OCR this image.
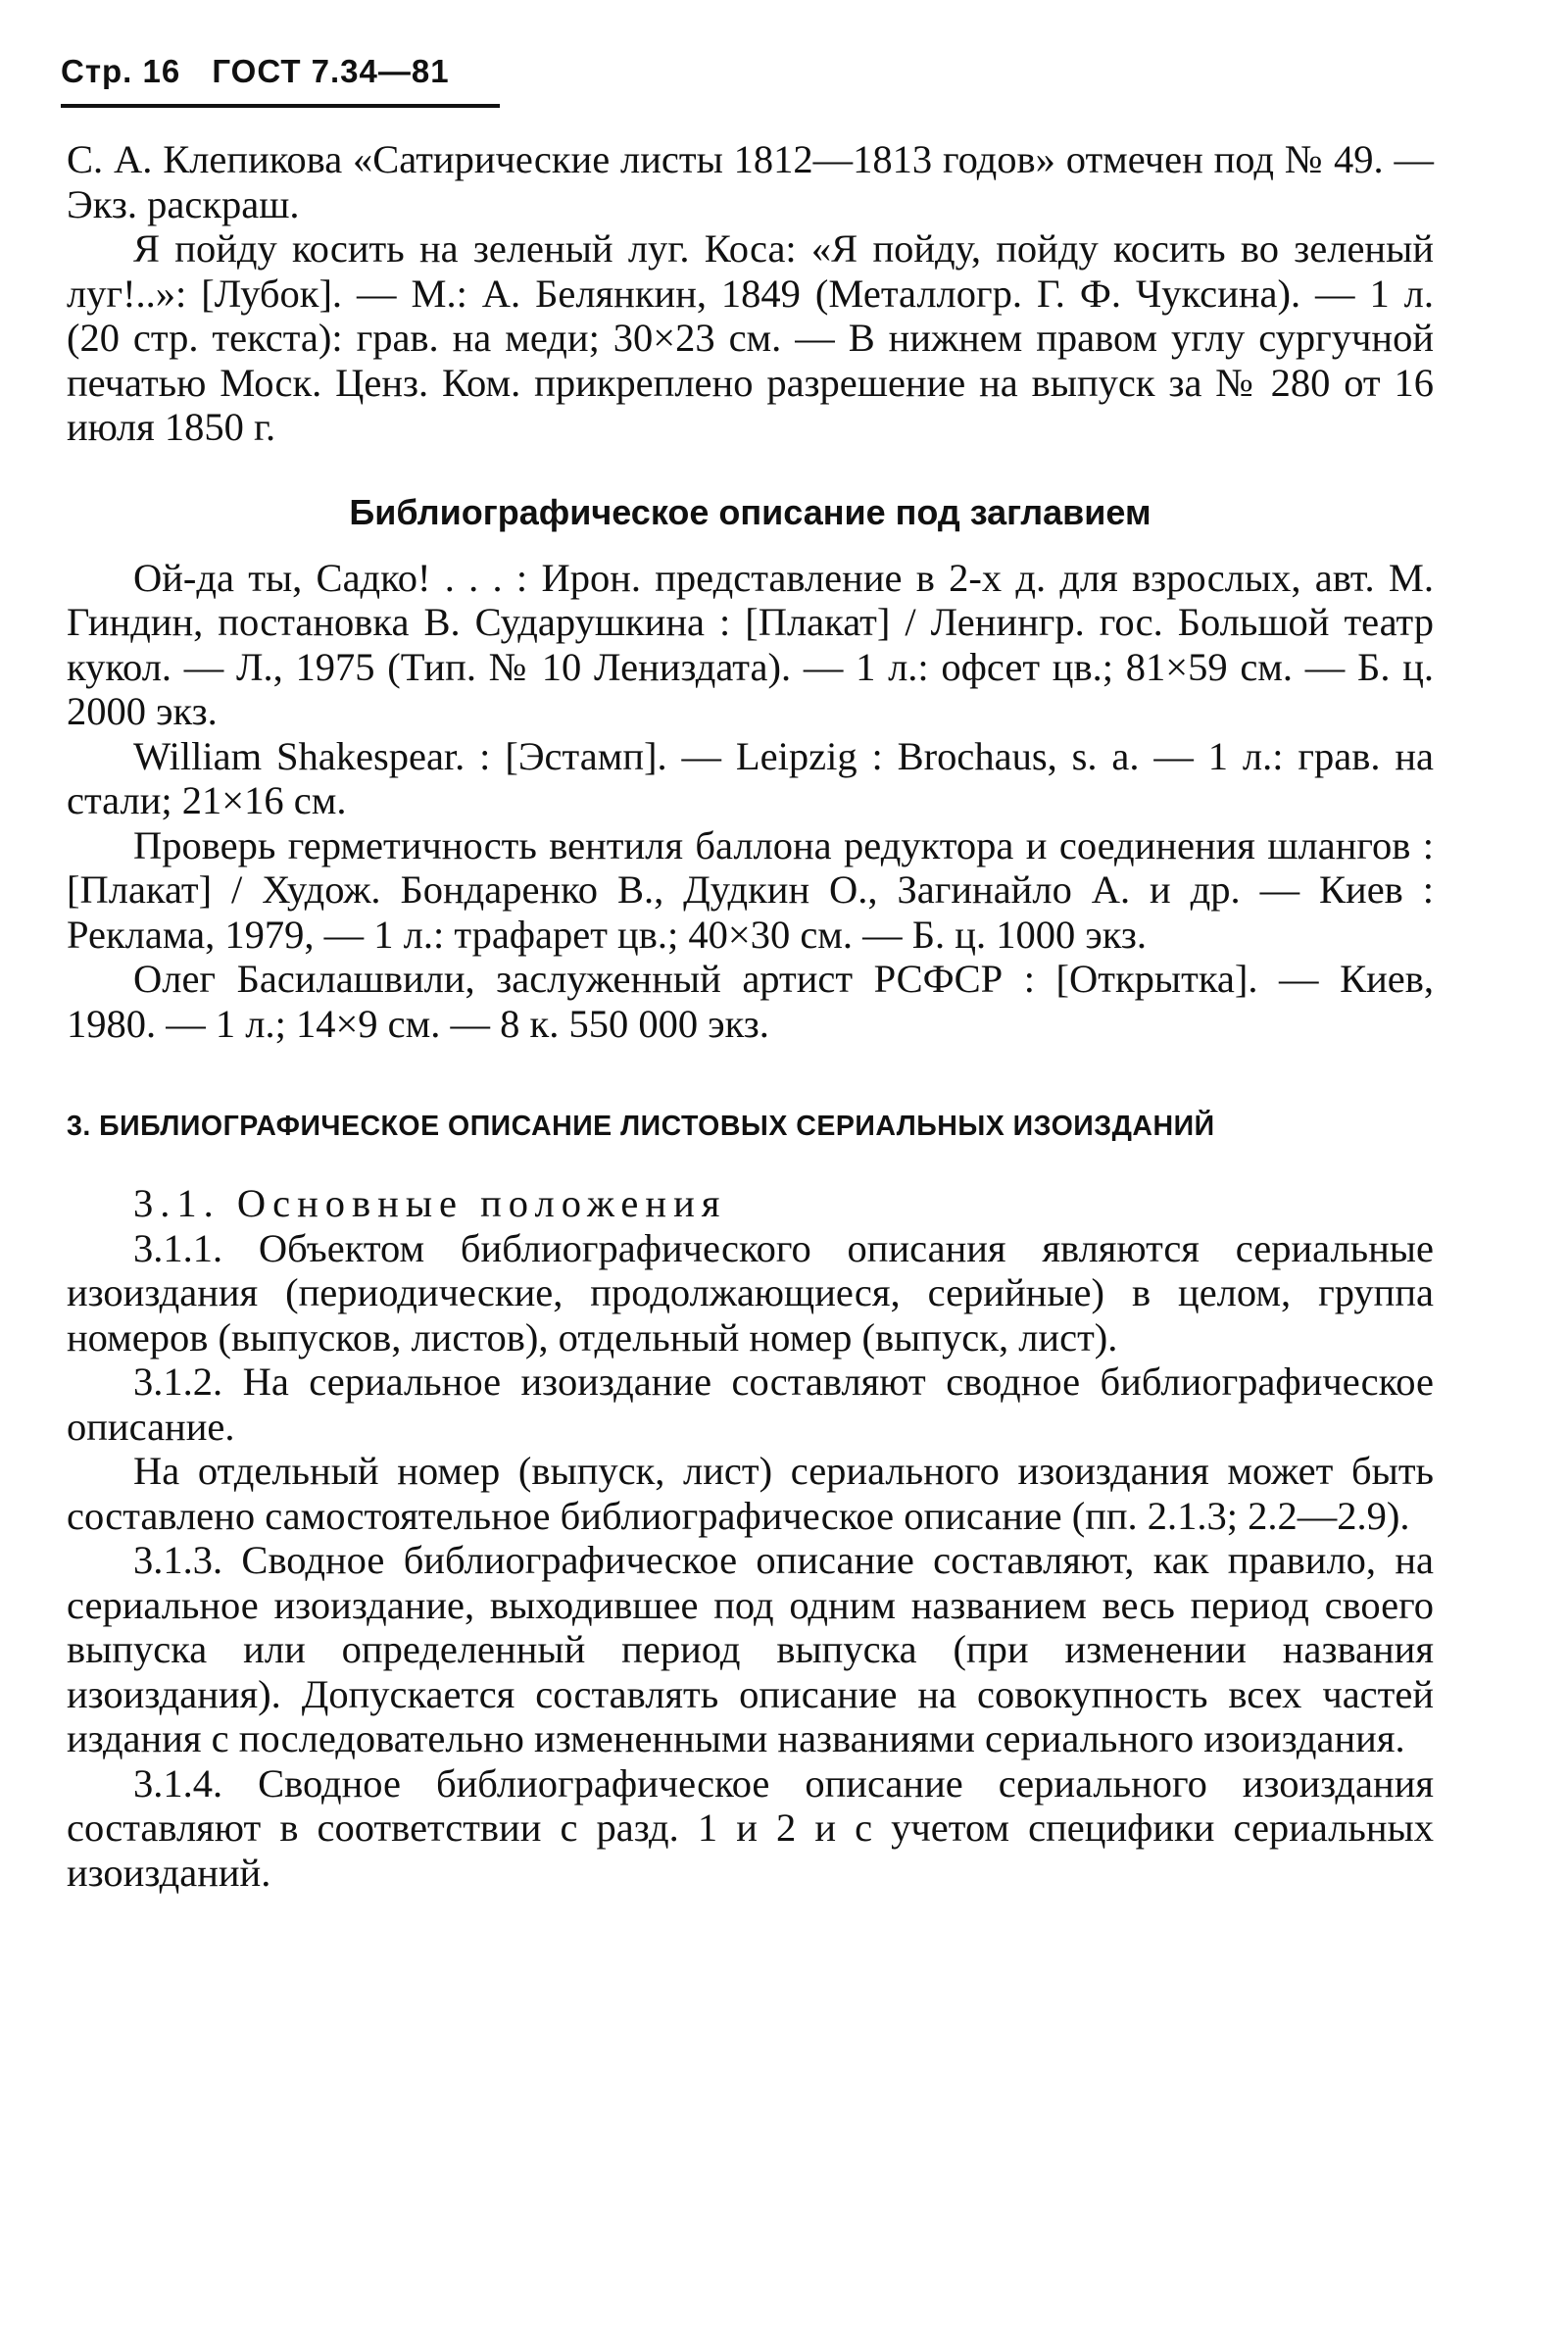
Стр. 16 ГОСТ 7.34—81

С. А. Клепикова «Сатирические листы 1812—1813 годов» отмечен под № 49. — Экз. раскраш.

Я пойду косить на зеленый луг. Коса: «Я пойду, пойду косить во зеленый луг!..»: [Лубок]. — М.: А. Белянкин, 1849 (Металлогр. Г. Ф. Чуксина). — 1 л. (20 стр. текста): грав. на меди; 30×23 см. — В нижнем правом углу сургучной печатью Моск. Ценз. Ком. прикреплено разрешение на выпуск за № 280 от 16 июля 1850 г.

Библиографическое описание под заглавием

Ой-да ты, Садко! . . . : Ирон. представление в 2-х д. для взрослых, авт. М. Гиндин, постановка В. Сударушкина : [Плакат] / Ленингр. гос. Большой театр кукол. — Л., 1975 (Тип. № 10 Лениздата). — 1 л.: офсет цв.; 81×59 см. — Б. ц. 2000 экз.

William Shakespear. : [Эстамп]. — Leipzig : Brochaus, s. a. — 1 л.: грав. на стали; 21×16 см.

Проверь герметичность вентиля баллона редуктора и соединения шлангов : [Плакат] / Худож. Бондаренко В., Дудкин О., Загинайло А. и др. — Киев : Реклама, 1979, — 1 л.: трафарет цв.; 40×30 см. — Б. ц. 1000 экз.

Олег Басилашвили, заслуженный артист РСФСР : [Открытка]. — Киев, 1980. — 1 л.; 14×9 см. — 8 к. 550 000 экз.

3. БИБЛИОГРАФИЧЕСКОЕ ОПИСАНИЕ ЛИСТОВЫХ СЕРИАЛЬНЫХ ИЗОИЗДАНИЙ

3.1. Основные положения

3.1.1. Объектом библиографического описания являются сериальные изоиздания (периодические, продолжающиеся, серийные) в целом, группа номеров (выпусков, листов), отдельный номер (выпуск, лист).

3.1.2. На сериальное изоиздание составляют сводное библиографическое описание.

На отдельный номер (выпуск, лист) сериального изоиздания может быть составлено самостоятельное библиографическое описание (пп. 2.1.3; 2.2—2.9).

3.1.3. Сводное библиографическое описание составляют, как правило, на сериальное изоиздание, выходившее под одним названием весь период своего выпуска или определенный период выпуска (при изменении названия изоиздания). Допускается составлять описание на совокупность всех частей издания с последовательно измененными названиями сериального изоиздания.

3.1.4. Сводное библиографическое описание сериального изоиздания составляют в соответствии с разд. 1 и 2 и с учетом специфики сериальных изоизданий.
